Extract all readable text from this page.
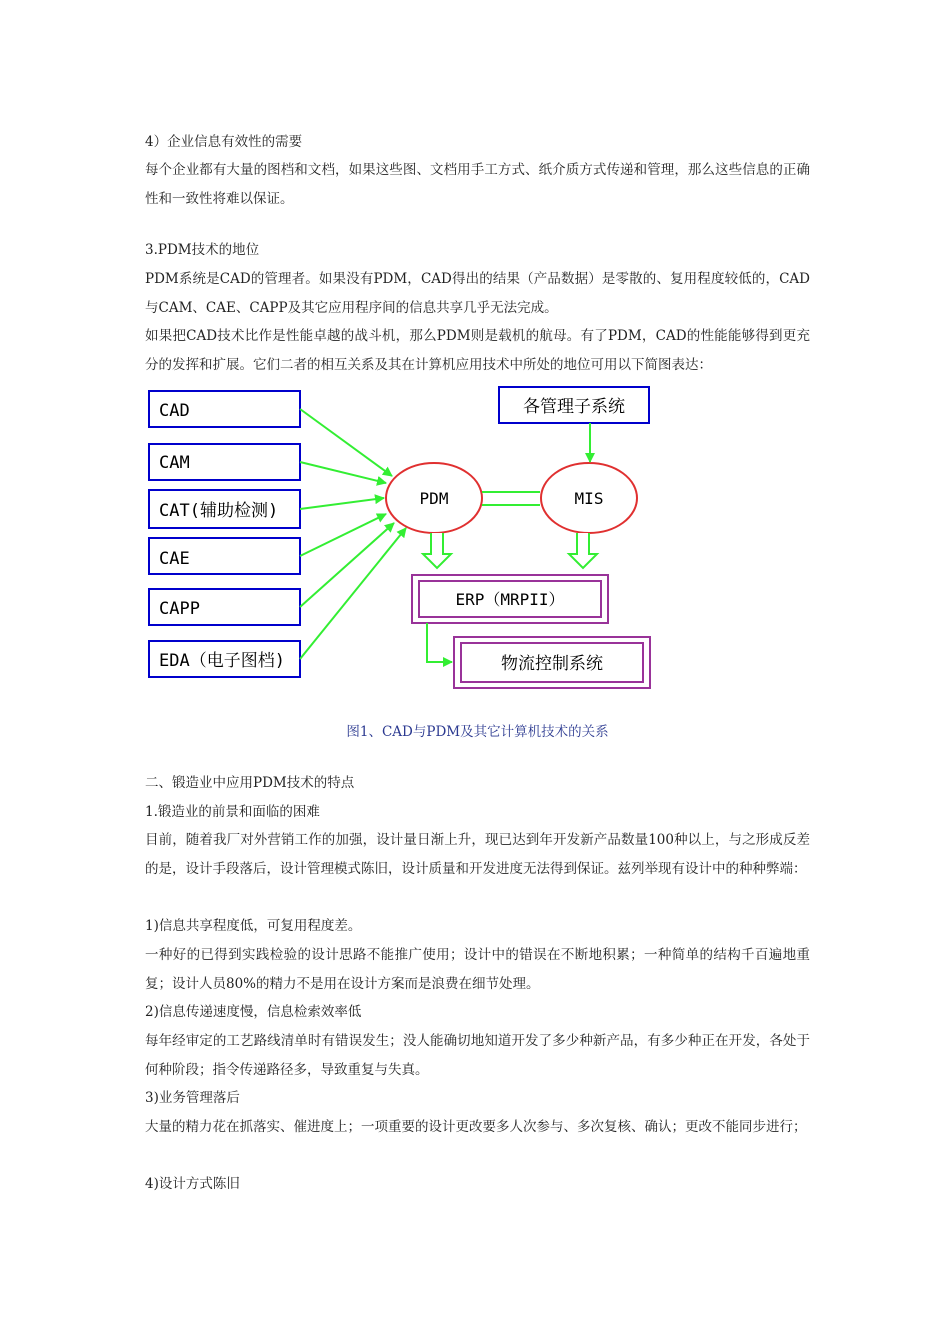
4）企业信息有效性的需要

每个企业都有大量的图档和文档，如果这些图、文档用手工方式、纸介质方式传递和管理，那么这些信息的正确性和一致性将难以保证。

3.PDM技术的地位

PDM系统是CAD的管理者。如果没有PDM，CAD得出的结果（产品数据）是零散的、复用程度较低的，CAD与CAM、CAE、CAPP及其它应用程序间的信息共享几乎无法完成。

如果把CAD技术比作是性能卓越的战斗机，那么PDM则是载机的航母。有了PDM，CAD的性能能够得到更充分的发挥和扩展。它们二者的相互关系及其在计算机应用技术中所处的地位可用以下简图表达：

CAD
CAM
CAT(辅助检测)
CAE
CAPP
EDA（电子图档)
PDM	MIS
各管理子系统
ERP（MRPII）
物流控制系统
图1、CAD与PDM及其它计算机技术的关系

二、锻造业中应用PDM技术的特点

1.锻造业的前景和面临的困难

目前，随着我厂对外营销工作的加强，设计量日渐上升，现已达到年开发新产品数量100种以上，与之形成反差的是，设计手段落后，设计管理模式陈旧，设计质量和开发进度无法得到保证。兹列举现有设计中的种种弊端：

1)信息共享程度低，可复用程度差。

一种好的已得到实践检验的设计思路不能推广使用；设计中的错误在不断地积累；一种简单的结构千百遍地重复；设计人员80%的精力不是用在设计方案而是浪费在细节处理。

2)信息传递速度慢，信息检索效率低

每年经审定的工艺路线清单时有错误发生；没人能确切地知道开发了多少种新产品，有多少种正在开发，各处于何种阶段；指令传递路径多，导致重复与失真。

3)业务管理落后

大量的精力花在抓落实、催进度上；一项重要的设计更改要多人次参与、多次复核、确认；更改不能同步进行；

4)设计方式陈旧
